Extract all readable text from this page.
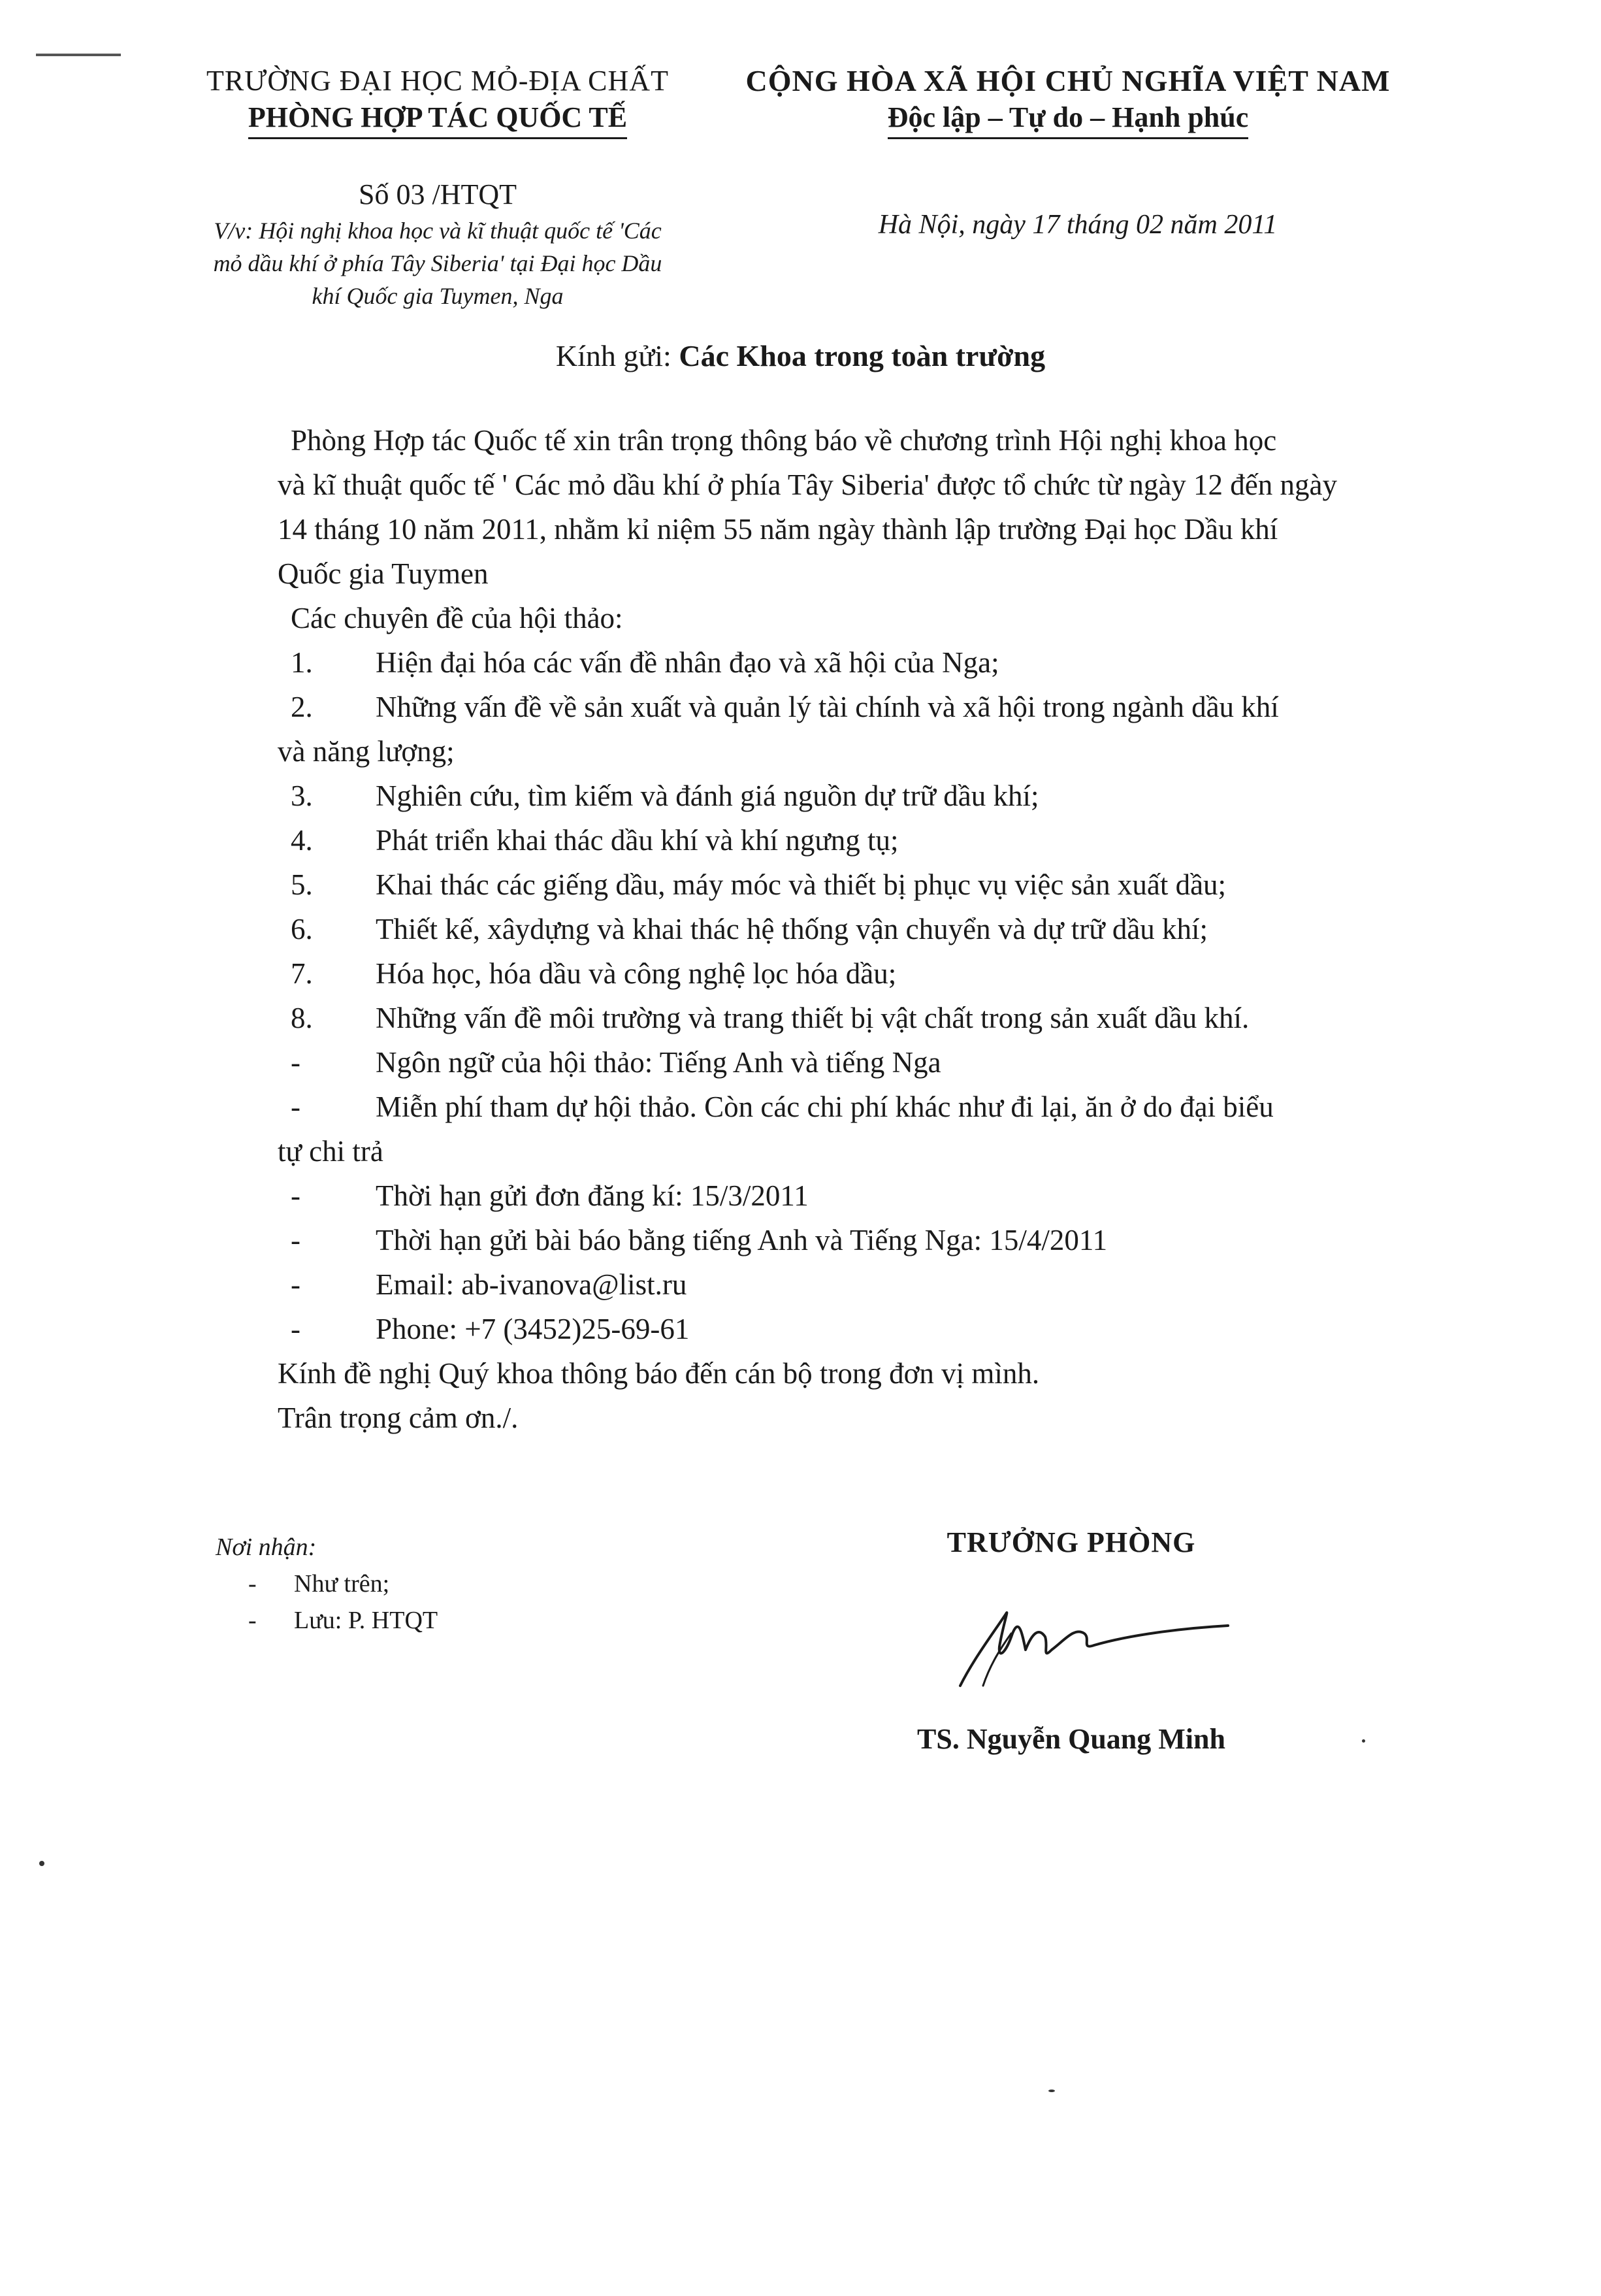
TRƯỜNG ĐẠI HỌC MỎ-ĐỊA CHẤT
PHÒNG HỢP TÁC QUỐC TẾ
CỘNG HÒA XÃ HỘI CHỦ NGHĨA VIỆT NAM
Độc lập – Tự do – Hạnh phúc
Số 03 /HTQT
V/v: Hội nghị khoa học và kĩ thuật quốc tế 'Các
mỏ dầu khí ở phía Tây Siberia' tại Đại học Dầu
khí Quốc gia Tuymen, Nga
Hà Nội, ngày 17 tháng 02 năm 2011
Kính gửi: Các Khoa trong toàn trường
Phòng Hợp tác Quốc tế xin trân trọng thông báo về chương trình Hội nghị khoa học
và kĩ thuật quốc tế ' Các mỏ dầu khí ở phía Tây Siberia' được tổ chức từ ngày 12 đến ngày
14 tháng 10 năm 2011, nhằm kỉ niệm 55 năm ngày thành lập trường Đại học Dầu khí
Quốc gia Tuymen
Các chuyên đề của hội thảo:
1.	Hiện đại hóa các vấn đề nhân đạo và xã hội của Nga;
2.	Những vấn đề về sản xuất và quản lý tài chính và xã hội trong ngành dầu khí
và năng lượng;
3.	Nghiên cứu, tìm kiếm và đánh giá nguồn dự trữ dầu khí;
4.	Phát triển khai thác dầu khí và khí ngưng tụ;
5.	Khai thác các giếng dầu, máy móc và thiết bị phục vụ việc sản xuất dầu;
6.	Thiết kế, xâydựng và khai thác hệ thống vận chuyển và dự trữ dầu khí;
7.	Hóa học, hóa dầu và công nghệ lọc hóa dầu;
8.	Những vấn đề môi trường và trang thiết bị vật chất trong sản xuất dầu khí.
-	Ngôn ngữ của hội thảo: Tiếng Anh và tiếng Nga
-	Miễn phí tham dự hội thảo. Còn các chi phí khác như đi lại, ăn ở do đại biểu
tự chi trả
-	Thời hạn gửi đơn đăng kí: 15/3/2011
-	Thời hạn gửi bài báo bằng tiếng Anh và Tiếng Nga: 15/4/2011
-	Email: ab-ivanova@list.ru
-	Phone: +7 (3452)25-69-61
Kính đề nghị Quý khoa thông báo đến cán bộ trong đơn vị mình.
Trân trọng cảm ơn./.
Nơi nhận:
-	Như trên;
-	Lưu: P. HTQT
TRƯỞNG PHÒNG
TS. Nguyễn Quang Minh
